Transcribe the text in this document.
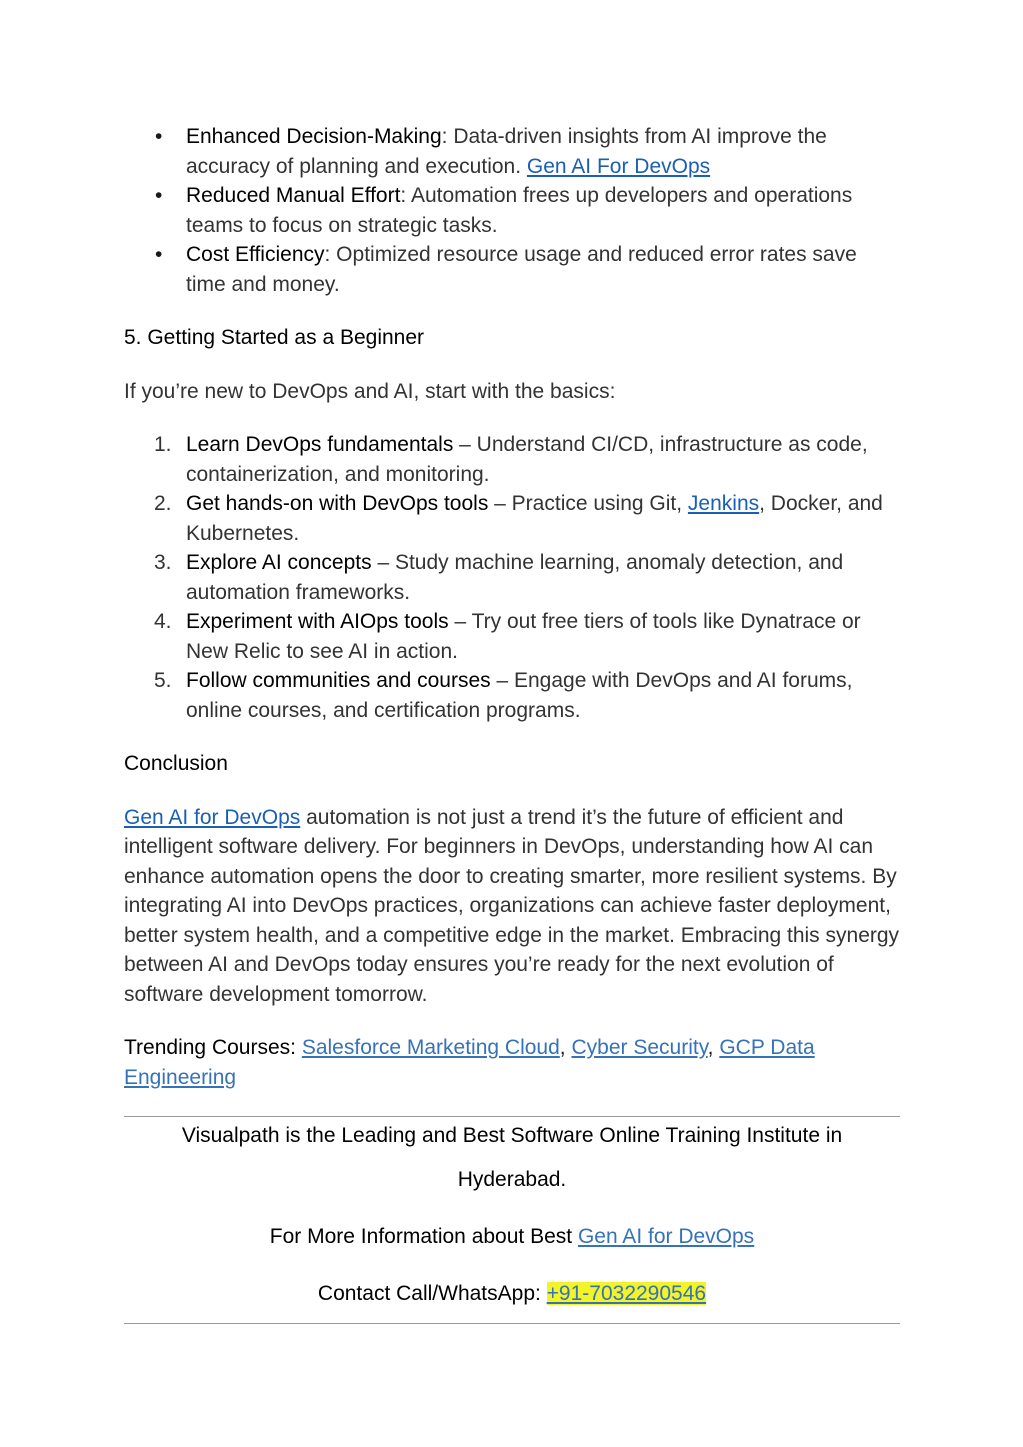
• Enhanced Decision-Making: Data-driven insights from AI improve the accuracy of planning and execution. Gen AI For DevOps
• Reduced Manual Effort: Automation frees up developers and operations teams to focus on strategic tasks.
• Cost Efficiency: Optimized resource usage and reduced error rates save time and money.
5. Getting Started as a Beginner
If you’re new to DevOps and AI, start with the basics:
1. Learn DevOps fundamentals – Understand CI/CD, infrastructure as code, containerization, and monitoring.
2. Get hands-on with DevOps tools – Practice using Git, Jenkins, Docker, and Kubernetes.
3. Explore AI concepts – Study machine learning, anomaly detection, and automation frameworks.
4. Experiment with AIOps tools – Try out free tiers of tools like Dynatrace or New Relic to see AI in action.
5. Follow communities and courses – Engage with DevOps and AI forums, online courses, and certification programs.
Conclusion

Gen AI for DevOps automation is not just a trend it’s the future of efficient and intelligent software delivery. For beginners in DevOps, understanding how AI can enhance automation opens the door to creating smarter, more resilient systems. By integrating AI into DevOps practices, organizations can achieve faster deployment, better system health, and a competitive edge in the market. Embracing this synergy between AI and DevOps today ensures you’re ready for the next evolution of software development tomorrow.

Trending Courses: Salesforce Marketing Cloud, Cyber Security, GCP Data Engineering

Visualpath is the Leading and Best Software Online Training Institute in
Hyderabad.
For More Information about Best Gen AI for DevOps
Contact Call/WhatsApp: +91-7032290546
